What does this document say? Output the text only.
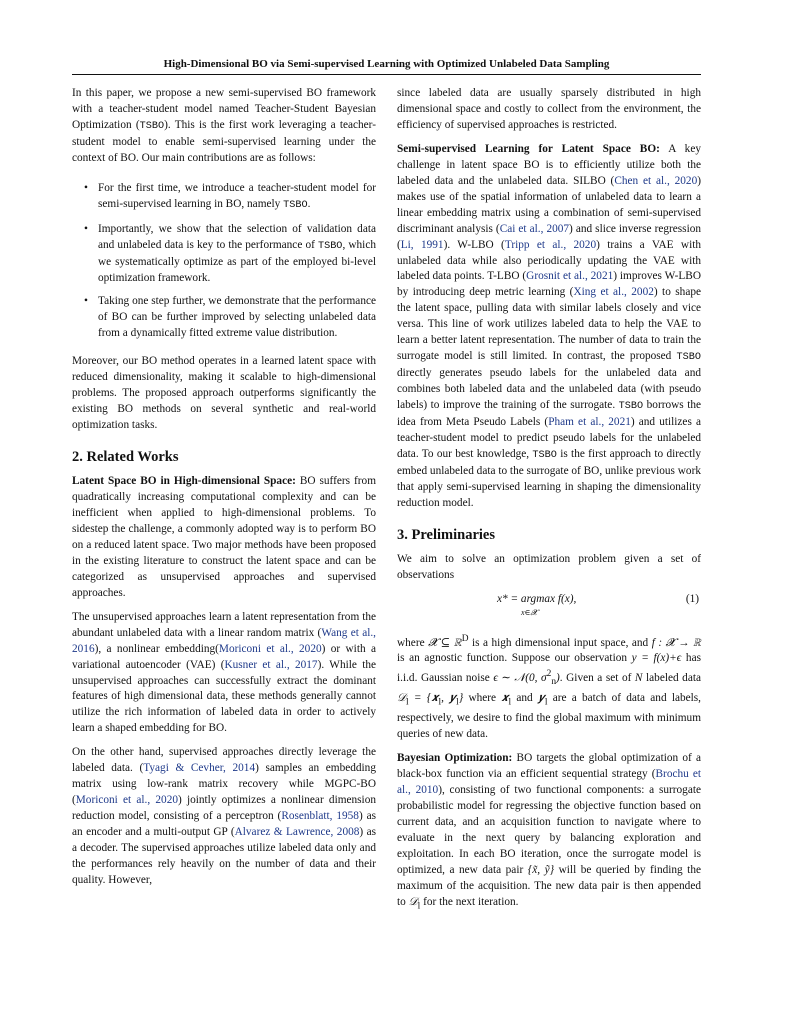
High-Dimensional BO via Semi-supervised Learning with Optimized Unlabeled Data Sampling

In this paper, we propose a new semi-supervised BO framework with a teacher-student model named Teacher-Student Bayesian Optimization (TSBO). This is the first work leveraging a teacher-student model to enable semi-supervised learning under the context of BO. Our main contributions are as follows:

• For the first time, we introduce a teacher-student model for semi-supervised learning in BO, namely TSBO.
• Importantly, we show that the selection of validation data and unlabeled data is key to the performance of TSBO, which we systematically optimize as part of the employed bi-level optimization framework.
• Taking one step further, we demonstrate that the performance of BO can be further improved by selecting unlabeled data from a dynamically fitted extreme value distribution.

Moreover, our BO method operates in a learned latent space with reduced dimensionality, making it scalable to high-dimensional problems. The proposed approach outperforms significantly the existing BO methods on several synthetic and real-world optimization tasks.

2. Related Works

Latent Space BO in High-dimensional Space: BO suffers from quadratically increasing computational complexity and can be inefficient when applied to high-dimensional problems. To sidestep the challenge, a commonly adopted way is to perform BO on a reduced latent space. Two major methods have been proposed in the existing literature to construct the latent space and can be categorized as unsupervised approaches and supervised approaches.

The unsupervised approaches learn a latent representation from the abundant unlabeled data with a linear random matrix (Wang et al., 2016), a nonlinear embedding(Moriconi et al., 2020) or with a variational autoencoder (VAE) (Kusner et al., 2017). While the unsupervised approaches can successfully extract the dominant features of high dimensional data, these methods generally cannot utilize the rich information of labeled data in order to actively learn a shaped embedding for BO.

On the other hand, supervised approaches directly leverage the labeled data. (Tyagi & Cevher, 2014) samples an embedding matrix using low-rank matrix recovery while MGPC-BO (Moriconi et al., 2020) jointly optimizes a nonlinear dimension reduction model, consisting of a perceptron (Rosenblatt, 1958) as an encoder and a multi-output GP (Alvarez & Lawrence, 2008) as a decoder. The supervised approaches utilize labeled data only and the performances rely heavily on the number of data and their quality. However,

since labeled data are usually sparsely distributed in high dimensional space and costly to collect from the environment, the efficiency of supervised approaches is restricted.

Semi-supervised Learning for Latent Space BO: A key challenge in latent space BO is to efficiently utilize both the labeled data and the unlabeled data. SILBO (Chen et al., 2020) makes use of the spatial information of unlabeled data to learn a linear embedding matrix using a combination of semi-supervised discriminant analysis (Cai et al., 2007) and slice inverse regression (Li, 1991). W-LBO (Tripp et al., 2020) trains a VAE with unlabeled data while also periodically updating the VAE with labeled data points. T-LBO (Grosnit et al., 2021) improves W-LBO by introducing deep metric learning (Xing et al., 2002) to shape the latent space, pulling data with similar labels closely and vice versa. This line of work utilizes labeled data to help the VAE to learn a better latent representation. The number of data to train the surrogate model is still limited. In contrast, the proposed TSBO directly generates pseudo labels for the unlabeled data and combines both labeled data and the unlabeled data (with pseudo labels) to improve the training of the surrogate. TSBO borrows the idea from Meta Pseudo Labels (Pham et al., 2021) and utilizes a teacher-student model to predict pseudo labels for the unlabeled data. To our best knowledge, TSBO is the first approach to directly embed unlabeled data to the surrogate of BO, unlike previous work that apply semi-supervised learning in shaping the dimensionality reduction model.

3. Preliminaries

We aim to solve an optimization problem given a set of observations

x* = argmax f(x),
x∈𝓧
(1)

where 𝓧 ⊆ ℝ$^D$ is a high dimensional input space, and f : 𝓧 → ℝ is an agnostic function. Suppose our observation y = f(x)+ϵ has i.i.d. Gaussian noise ϵ ∼ 𝒩(0, $\sigma^2_n$). Given a set of N labeled data 𝒟$_l$ = {𝒙$_l$, 𝒚$_l$} where 𝒙$_l$ and 𝒚$_l$ are a batch of data and labels, respectively, we desire to find the global maximum with minimum queries of new data.

Bayesian Optimization: BO targets the global optimization of a black-box function via an efficient sequential strategy (Brochu et al., 2010), consisting of two functional components: a surrogate probabilistic model for regressing the objective function based on current data, and an acquisition function to navigate where to evaluate in the next query by balancing exploration and exploitation. In each BO iteration, once the surrogate model is optimized, a new data pair {x̃, ỹ} will be queried by finding the maximum of the acquisition. The new data pair is then appended to 𝒟$_l$ for the next iteration.
